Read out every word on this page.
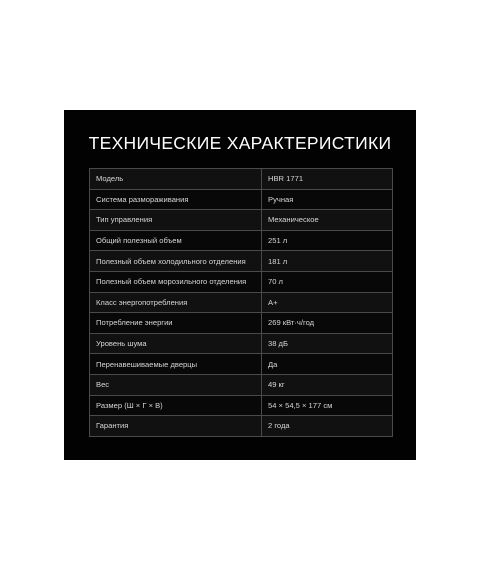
ТЕХНИЧЕСКИЕ ХАРАКТЕРИСТИКИ
Модель	HBR 1771
Система размораживания	Ручная
Тип управления	Механическое
Общий полезный объем	251 л
Полезный объем холодильного отделения	181 л
Полезный объем морозильного отделения	70 л
Класс энергопотребления	А+
Потребление энергии	269 кВт·ч/год
Уровень шума	38 дБ
Перенавешиваемые дверцы	Да
Вес	49 кг
Размер (Ш × Г × В)	54 × 54,5 × 177 см
Гарантия	2 года
